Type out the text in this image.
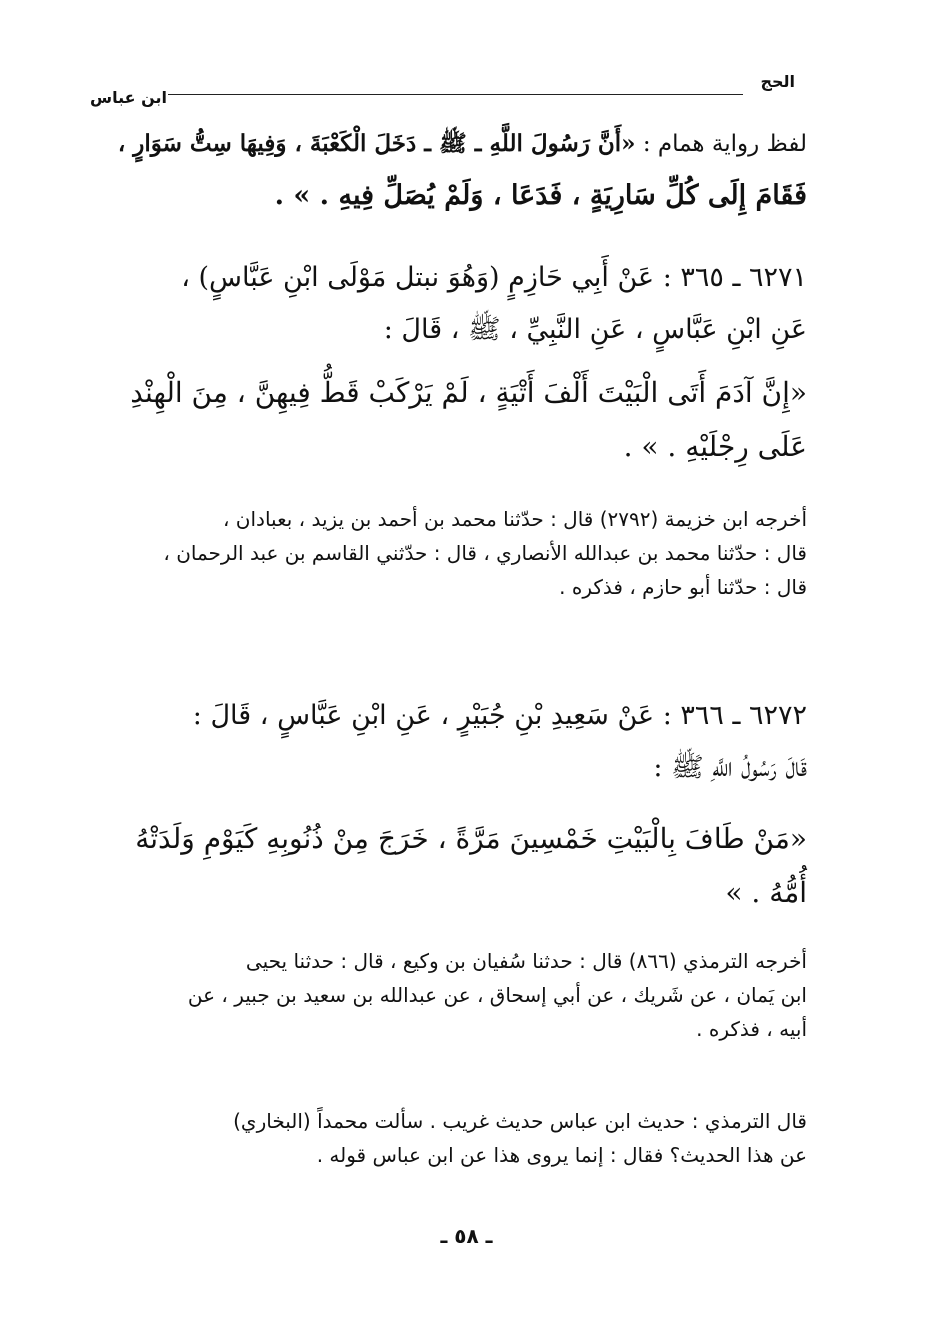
الحج
ابن عباس
لفظ رواية همام : «أَنَّ رَسُولَ اللَّهِ ـ ﷺ ـ دَخَلَ الْكَعْبَةَ ، وَفِيهَا سِتُّ سَوَارٍ ،
فَقَامَ إِلَى كُلِّ سَارِيَةٍ ، فَدَعَا ، وَلَمْ يُصَلِّ فِيهِ . » .
٦٢٧١ ـ ٣٦٥ : عَنْ أَبِي حَازِمٍ (وَهُوَ نبتل مَوْلَى ابْنِ عَبَّاسٍ) ،
عَنِ ابْنِ عَبَّاسٍ ، عَنِ النَّبِيِّ ، ﷺ ، قَالَ :
«إِنَّ آدَمَ أَتَى الْبَيْتَ أَلْفَ أَتْيَةٍ ، لَمْ يَرْكَبْ قَطُّ فِيهِنَّ ، مِنَ الْهِنْدِ
عَلَى رِجْلَيْهِ . » .
أخرجه ابن خزيمة (٢٧٩٢) قال : حدّثنا محمد بن أحمد بن يزيد ، بعبادان ،
قال : حدّثنا محمد بن عبدالله الأنصاري ، قال : حدّثني القاسم بن عبد الرحمان ،
قال : حدّثنا أبو حازم ، فذكره .
٦٢٧٢ ـ ٣٦٦ : عَنْ سَعِيدِ بْنِ جُبَيْرٍ ، عَنِ ابْنِ عَبَّاسٍ ، قَالَ :
قَالَ رَسُولُ اللَّهِ ﷺ :
«مَنْ طَافَ بِالْبَيْتِ خَمْسِينَ مَرَّةً ، خَرَجَ مِنْ ذُنُوبِهِ كَيَوْمِ وَلَدَتْهُ
أُمُّهُ . »
أخرجه الترمذي (٨٦٦) قال : حدثنا سُفيان بن وكيع ، قال : حدثنا يحيى
ابن يَمان ، عن شَريك ، عن أبي إسحاق ، عن عبدالله بن سعيد بن جبير ، عن
أبيه ، فذكره .
قال الترمذي : حديث ابن عباس حديث غريب . سألت محمداً (البخاري)
عن هذا الحديث؟ فقال : إنما يروى هذا عن ابن عباس قوله .
ـ ٥٨ ـ
